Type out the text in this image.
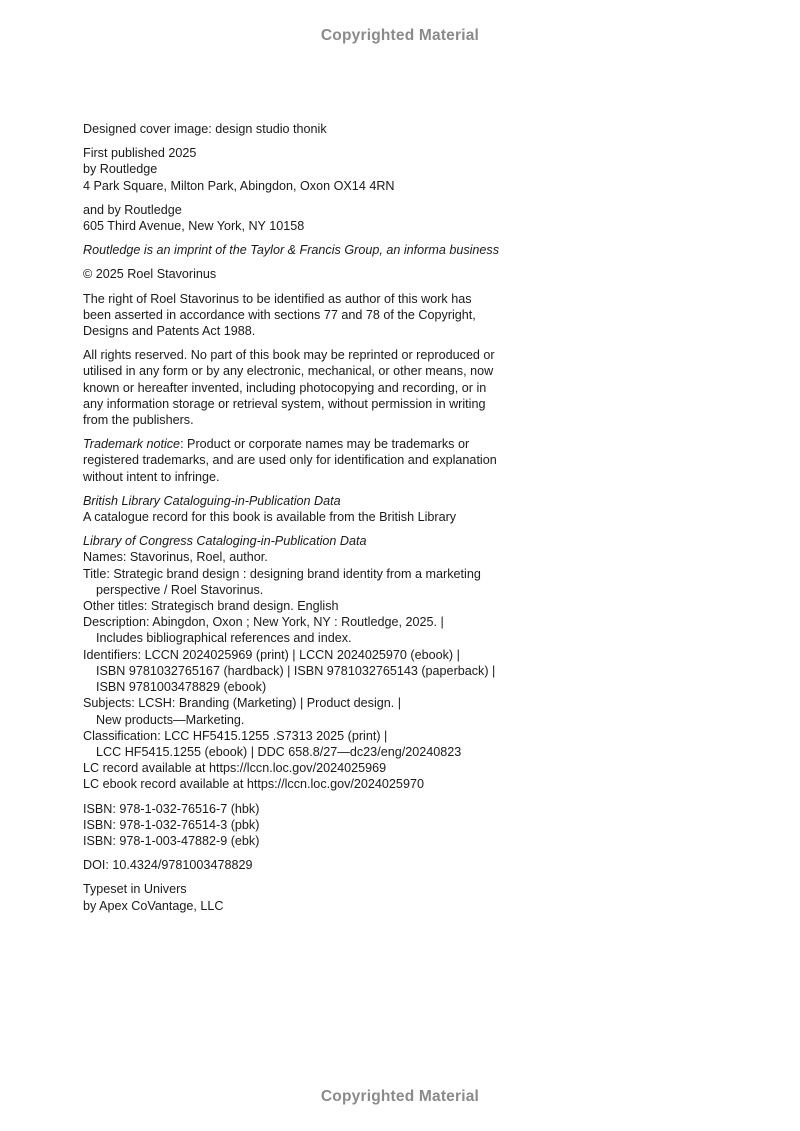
Copyrighted Material

Designed cover image: design studio thonik

First published 2025
by Routledge
4 Park Square, Milton Park, Abingdon, Oxon OX14 4RN

and by Routledge
605 Third Avenue, New York, NY 10158

Routledge is an imprint of the Taylor & Francis Group, an informa business

© 2025 Roel Stavorinus

The right of Roel Stavorinus to be identified as author of this work has
been asserted in accordance with sections 77 and 78 of the Copyright,
Designs and Patents Act 1988.

All rights reserved. No part of this book may be reprinted or reproduced or
utilised in any form or by any electronic, mechanical, or other means, now
known or hereafter invented, including photocopying and recording, or in
any information storage or retrieval system, without permission in writing
from the publishers.

Trademark notice: Product or corporate names may be trademarks or
registered trademarks, and are used only for identification and explanation
without intent to infringe.

British Library Cataloguing-in-Publication Data
A catalogue record for this book is available from the British Library

Library of Congress Cataloging-in-Publication Data
Names: Stavorinus, Roel, author.
Title: Strategic brand design : designing brand identity from a marketing
perspective / Roel Stavorinus.
Other titles: Strategisch brand design. English
Description: Abingdon, Oxon ; New York, NY : Routledge, 2025. |
Includes bibliographical references and index.
Identifiers: LCCN 2024025969 (print) | LCCN 2024025970 (ebook) |
ISBN 9781032765167 (hardback) | ISBN 9781032765143 (paperback) |
ISBN 9781003478829 (ebook)
Subjects: LCSH: Branding (Marketing) | Product design. |
New products—Marketing.
Classification: LCC HF5415.1255 .S7313 2025 (print) |
LCC HF5415.1255 (ebook) | DDC 658.8/27—dc23/eng/20240823
LC record available at https://lccn.loc.gov/2024025969
LC ebook record available at https://lccn.loc.gov/2024025970

ISBN: 978-1-032-76516-7 (hbk)
ISBN: 978-1-032-76514-3 (pbk)
ISBN: 978-1-003-47882-9 (ebk)

DOI: 10.4324/9781003478829

Typeset in Univers
by Apex CoVantage, LLC

Copyrighted Material
